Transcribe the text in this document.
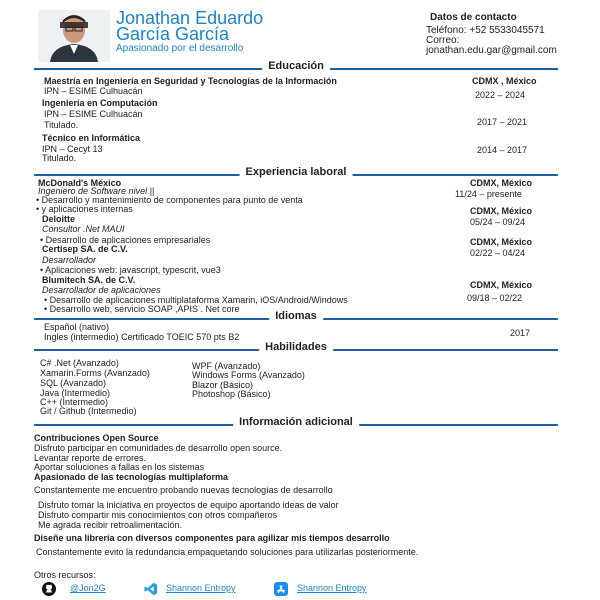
Jonathan Eduardo
García García
Apasionado por el desarrollo
Datos de contacto
Teléfono: +52 5533045571
Correo:
jonathan.edu.gar@gmail.com
Educación
Maestría en Ingeniería en Seguridad y Tecnologías de la Información
IPN – ESIME Culhuacán
CDMX , México
2022 – 2024
Ingeniería en Computación
IPN – ESIME Culhuacán
Titulado.	2017 – 2021
Técnico en Informática
IPN – Cecyt 13
Titulado.
2014 – 2017
Experiencia laboral
McDonald's México
Ingeniero de Software nivel ||
• Desarrollo y mantenimiento de componentes para punto de venta
• y aplicaciones internas
CDMX, México
11/24 – presente
Deloitte
Consultor .Net MAUI
• Desarrollo de aplicaciones empresariales
CDMX, México
05/24 – 09/24
Certisep SA. de C.V.
Desarrollador
• Aplicaciones web: javascript, typescrit, vue3
CDMX, México
02/22 – 04/24
Blumitech SA. de C.V.
Desarrollador de aplicaciones
• Desarrollo de aplicaciones multiplataforma Xamarin, iOS/Android/Windows
• Desarrollo web, servicio SOAP ,APIS . Net core
CDMX, México
09/18 – 02/22
Idiomas
Español (nativo)
Ingles (intermedio) Certificado TOEIC 570 pts B2	2017
Habilidades
C# .Net (Avanzado)
Xamarin.Forms (Avanzado)
SQL (Avanzado)
Java (Intermedio)
C++ (Intermedio)
Git / Github (Intermedio)
WPF (Avanzado)
Windows Forms (Avanzado)
Blazor (Básico)
Photoshop (Básico)
Información adicional
Contribuciones Open Source
Disfruto participar en comunidades de desarrollo open source.
Levantar reporte de errores.
Aportar soluciones a fallas en los sistemas
Apasionado de las tecnologías multiplaforma
Constantemente me encuentro probando nuevas tecnologías de desarrollo
Disfruto tomar la iniciativa en proyectos de equipo aportando ideas de valor
Disfruto compartir mis conocimientos con otros compañeros
Me agrada recibir retroalimentación.
Diseñe una librería con diversos componentes para agilizar mis tiempos desarrollo
Constantemente evito la redundancia empaquetando soluciones para utilizarlas posteriormente.
Otros recursos:
@Jon2G	Shannon Entropy	Shannon Entropy
